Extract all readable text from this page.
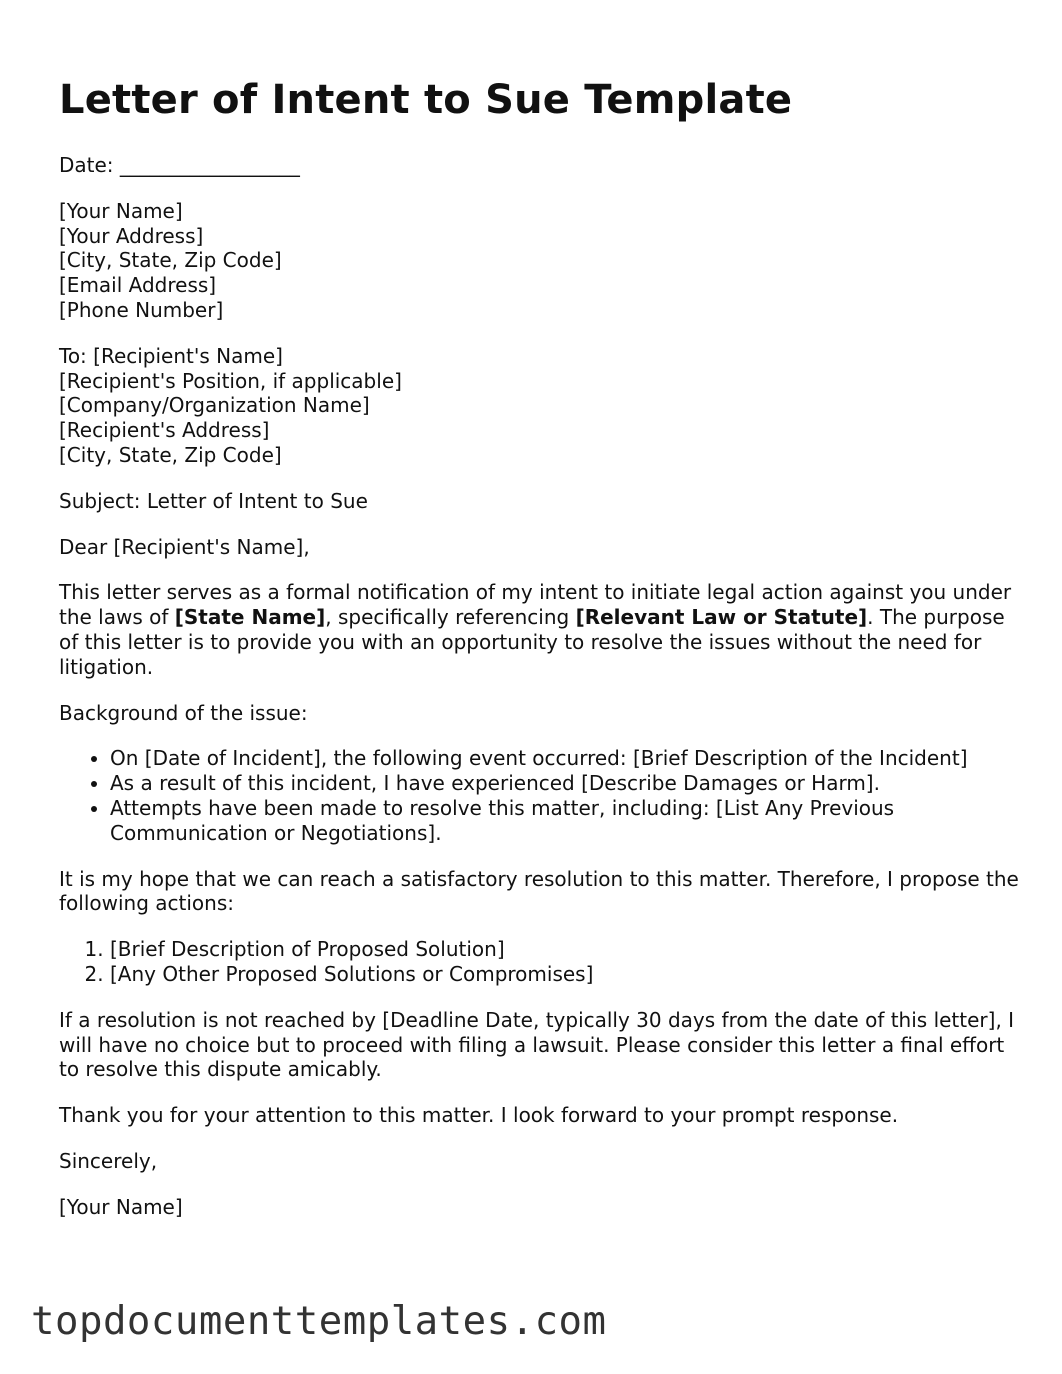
Letter of Intent to Sue Template

Date: __________________

[Your Name]
[Your Address]
[City, State, Zip Code]
[Email Address]
[Phone Number]

To: [Recipient's Name]
[Recipient's Position, if applicable]
[Company/Organization Name]
[Recipient's Address]
[City, State, Zip Code]

Subject: Letter of Intent to Sue

Dear [Recipient's Name],

This letter serves as a formal notification of my intent to initiate legal action against you under the laws of [State Name], specifically referencing [Relevant Law or Statute]. The purpose of this letter is to provide you with an opportunity to resolve the issues without the need for litigation.

Background of the issue:

• On [Date of Incident], the following event occurred: [Brief Description of the Incident]
• As a result of this incident, I have experienced [Describe Damages or Harm].
• Attempts have been made to resolve this matter, including: [List Any Previous Communication or Negotiations].

It is my hope that we can reach a satisfactory resolution to this matter. Therefore, I propose the following actions:

1. [Brief Description of Proposed Solution]
2. [Any Other Proposed Solutions or Compromises]

If a resolution is not reached by [Deadline Date, typically 30 days from the date of this letter], I will have no choice but to proceed with filing a lawsuit. Please consider this letter a final effort to resolve this dispute amicably.

Thank you for your attention to this matter. I look forward to your prompt response.

Sincerely,

[Your Name]

topdocumenttemplates.com
